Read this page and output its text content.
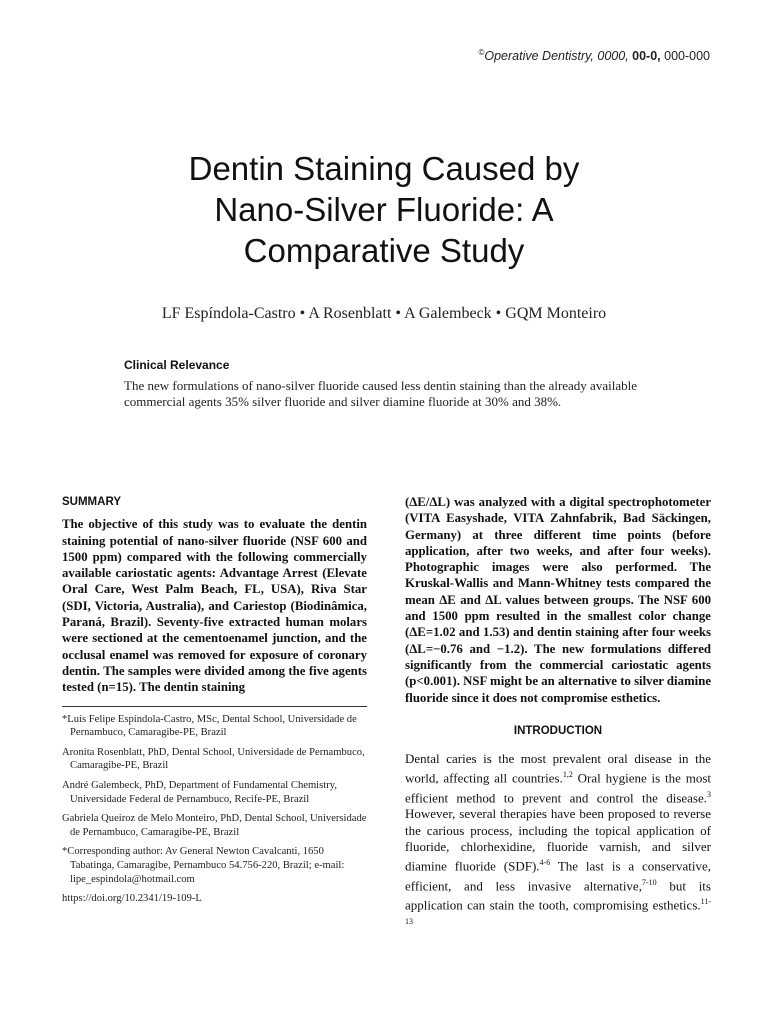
©Operative Dentistry, 0000, 00-0, 000-000
Dentin Staining Caused by
Nano-Silver Fluoride: A
Comparative Study
LF Espíndola-Castro • A Rosenblatt • A Galembeck • GQM Monteiro
Clinical Relevance
The new formulations of nano-silver fluoride caused less dentin staining than the already available commercial agents 35% silver fluoride and silver diamine fluoride at 30% and 38%.
SUMMARY

The objective of this study was to evaluate the dentin staining potential of nano-silver fluoride (NSF 600 and 1500 ppm) compared with the following commercially available cariostatic agents: Advantage Arrest (Elevate Oral Care, West Palm Beach, FL, USA), Riva Star (SDI, Victoria, Australia), and Cariestop (Biodinâmica, Paraná, Brazil). Seventy-five extracted human molars were sectioned at the cementoenamel junction, and the occlusal enamel was removed for exposure of coronary dentin. The samples were divided among the five agents tested (n=15). The dentin staining

*Luís Felipe Espíndola-Castro, MSc, Dental School, Universidade de Pernambuco, Camaragibe-PE, Brazil

Aronita Rosenblatt, PhD, Dental School, Universidade de Pernambuco, Camaragibe-PE, Brazil

André Galembeck, PhD, Department of Fundamental Chemistry, Universidade Federal de Pernambuco, Recife-PE, Brazil

Gabriela Queiroz de Melo Monteiro, PhD, Dental School, Universidade de Pernambuco, Camaragibe-PE, Brazil

*Corresponding author: Av General Newton Cavalcanti, 1650 Tabatinga, Camaragibe, Pernambuco 54.756-220, Brazil; e-mail: lipe_espindola@hotmail.com

https://doi.org/10.2341/19-109-L

(ΔE/ΔL) was analyzed with a digital spectrophotometer (VITA Easyshade, VITA Zahnfabrik, Bad Säckingen, Germany) at three different time points (before application, after two weeks, and after four weeks). Photographic images were also performed. The Kruskal-Wallis and Mann-Whitney tests compared the mean ΔE and ΔL values between groups. The NSF 600 and 1500 ppm resulted in the smallest color change (ΔE=1.02 and 1.53) and dentin staining after four weeks (ΔL=−0.76 and −1.2). The new formulations differed significantly from the commercial cariostatic agents (p<0.001). NSF might be an alternative to silver diamine fluoride since it does not compromise esthetics.

INTRODUCTION

Dental caries is the most prevalent oral disease in the world, affecting all countries.$^{1,2}$ Oral hygiene is the most efficient method to prevent and control the disease.$^3$ However, several therapies have been proposed to reverse the carious process, including the topical application of fluoride, chlorhexidine, fluoride varnish, and silver diamine fluoride (SDF).$^{4-6}$ The last is a conservative, efficient, and less invasive alternative,$^{7-10}$ but its application can stain the tooth, compromising esthetics.$^{11-13}$
